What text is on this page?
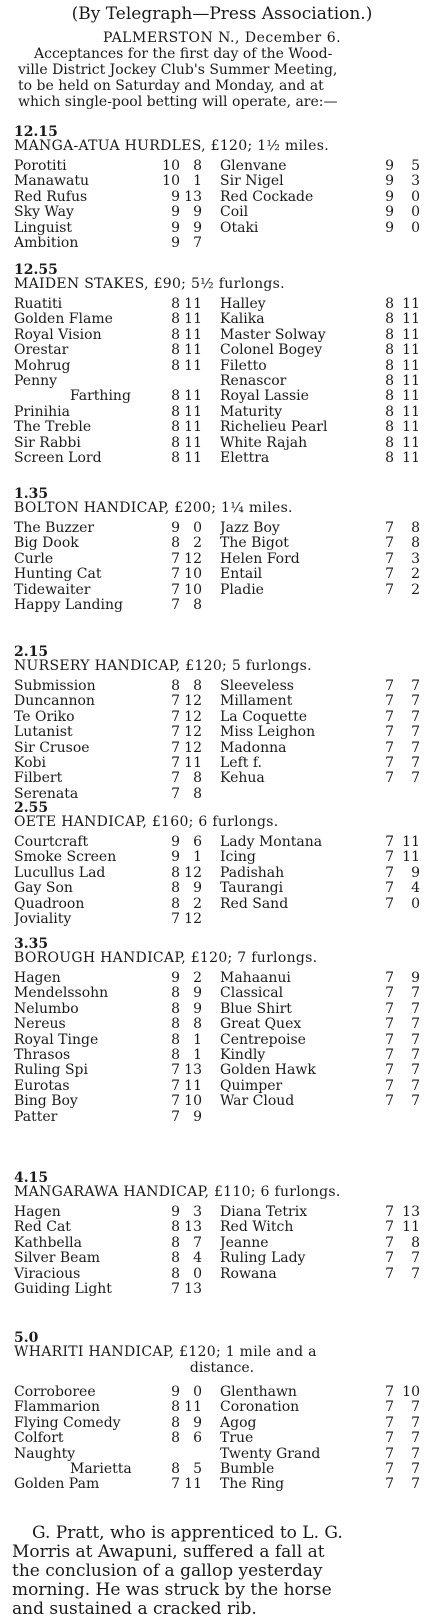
(By Telegraph—Press Association.)
PALMERSTON N., December 6.
Acceptances for the first day of the Wood-
ville District Jockey Club's Summer Meeting,
to be held on Saturday and Monday, and at
which single-pool betting will operate, are:—
12.15
MANGA-ATUA HURDLES, £120; 1½ miles.
Porotiti	10 8 Glenvane	9	5
Manawatu	10 1 Sir Nigel	9	3
Red Rufus	9 13 Red Cockade	9	0
Sky Way	9 9 Coil	9	0
Linguist	9 9 Otaki	9	0
Ambition	9 7
12.55
MAIDEN STAKES, £90; 5½ furlongs.
Ruatiti	8 11 Halley	8 11
Golden Flame	8 11 Kalika	8 11
Royal Vision	8 11 Master Solway	8 11
Orestar	8 11 Colonel Bogey	8 11
Mohrug	8 11 Filetto	8 11
Penny	Renascor	8 11
Farthing	8 11 Royal Lassie	8 11
Prinihia	8 11 Maturity	8 11
The Treble	8 11 Richelieu Pearl	8 11
Sir Rabbi	8 11 White Rajah	8 11
Screen Lord	8 11 Elettra	8 11
1.35
BOLTON HANDICAP, £200; 1¼ miles.
The Buzzer	9 0 Jazz Boy	7	8
Big Dook	8 2 The Bigot	7	8
Curle	7 12 Helen Ford	7	3
Hunting Cat	7 10 Entail	7	2
Tidewaiter	7 10 Pladie	7	2
Happy Landing	7 8
2.15
NURSERY HANDICAP, £120; 5 furlongs.
Submission	8 8 Sleeveless	7	7
Duncannon	7 12 Millament	7	7
Te Oriko	7 12 La Coquette	7	7
Lutanist	7 12 Miss Leighon	7	7
Sir Crusoe	7 12 Madonna	7	7
Kobi	7 11 Left f.	7	7
Filbert	7 8 Kehua	7	7
Serenata	7 8
2.55
OETE HANDICAP, £160; 6 furlongs.
Courtcraft	9 6 Lady Montana	7 11
Smoke Screen	9 1 Icing	7 11
Lucullus Lad	8 12 Padishah	7	9
Gay Son	8 9 Taurangi	7	4
Quadroon	8 2 Red Sand	7	0
Joviality	7 12
3.35
BOROUGH HANDICAP, £120; 7 furlongs.
Hagen	9 2 Mahaanui	7	9
Mendelssohn	8 9 Classical	7	7
Nelumbo	8 9 Blue Shirt	7	7
Nereus	8 8 Great Quex	7	7
Royal Tinge	8 1 Centrepoise	7	7
Thrasos	8 1 Kindly	7	7
Ruling Spi	7 13 Golden Hawk	7	7
Eurotas	7 11 Quimper	7	7
Bing Boy	7 10 War Cloud	7	7
Patter	7 9
4.15
MANGARAWA HANDICAP, £110; 6 furlongs.
Hagen	9 3 Diana Tetrix	7 13
Red Cat	8 13 Red Witch	7 11
Kathbella	8 7 Jeanne	7	8
Silver Beam	8 4 Ruling Lady	7	7
Viracious	8 0 Rowana	7	7
Guiding Light	7 13
5.0
WHARITI HANDICAP, £120; 1 mile and a
distance.
Corroboree	9 0 Glenthawn	7 10
Flammarion	8 11 Coronation	7	7
Flying Comedy	8 9 Agog	7	7
Colfort	8 6 True	7	7
Naughty	Twenty Grand	7	7
Marietta	8 5 Bumble	7	7
Golden Pam	7 11 The Ring	7	7
G. Pratt, who is apprenticed to L. G.
Morris at Awapuni, suffered a fall at
the conclusion of a gallop yesterday
morning. He was struck by the horse
and sustained a cracked rib.
